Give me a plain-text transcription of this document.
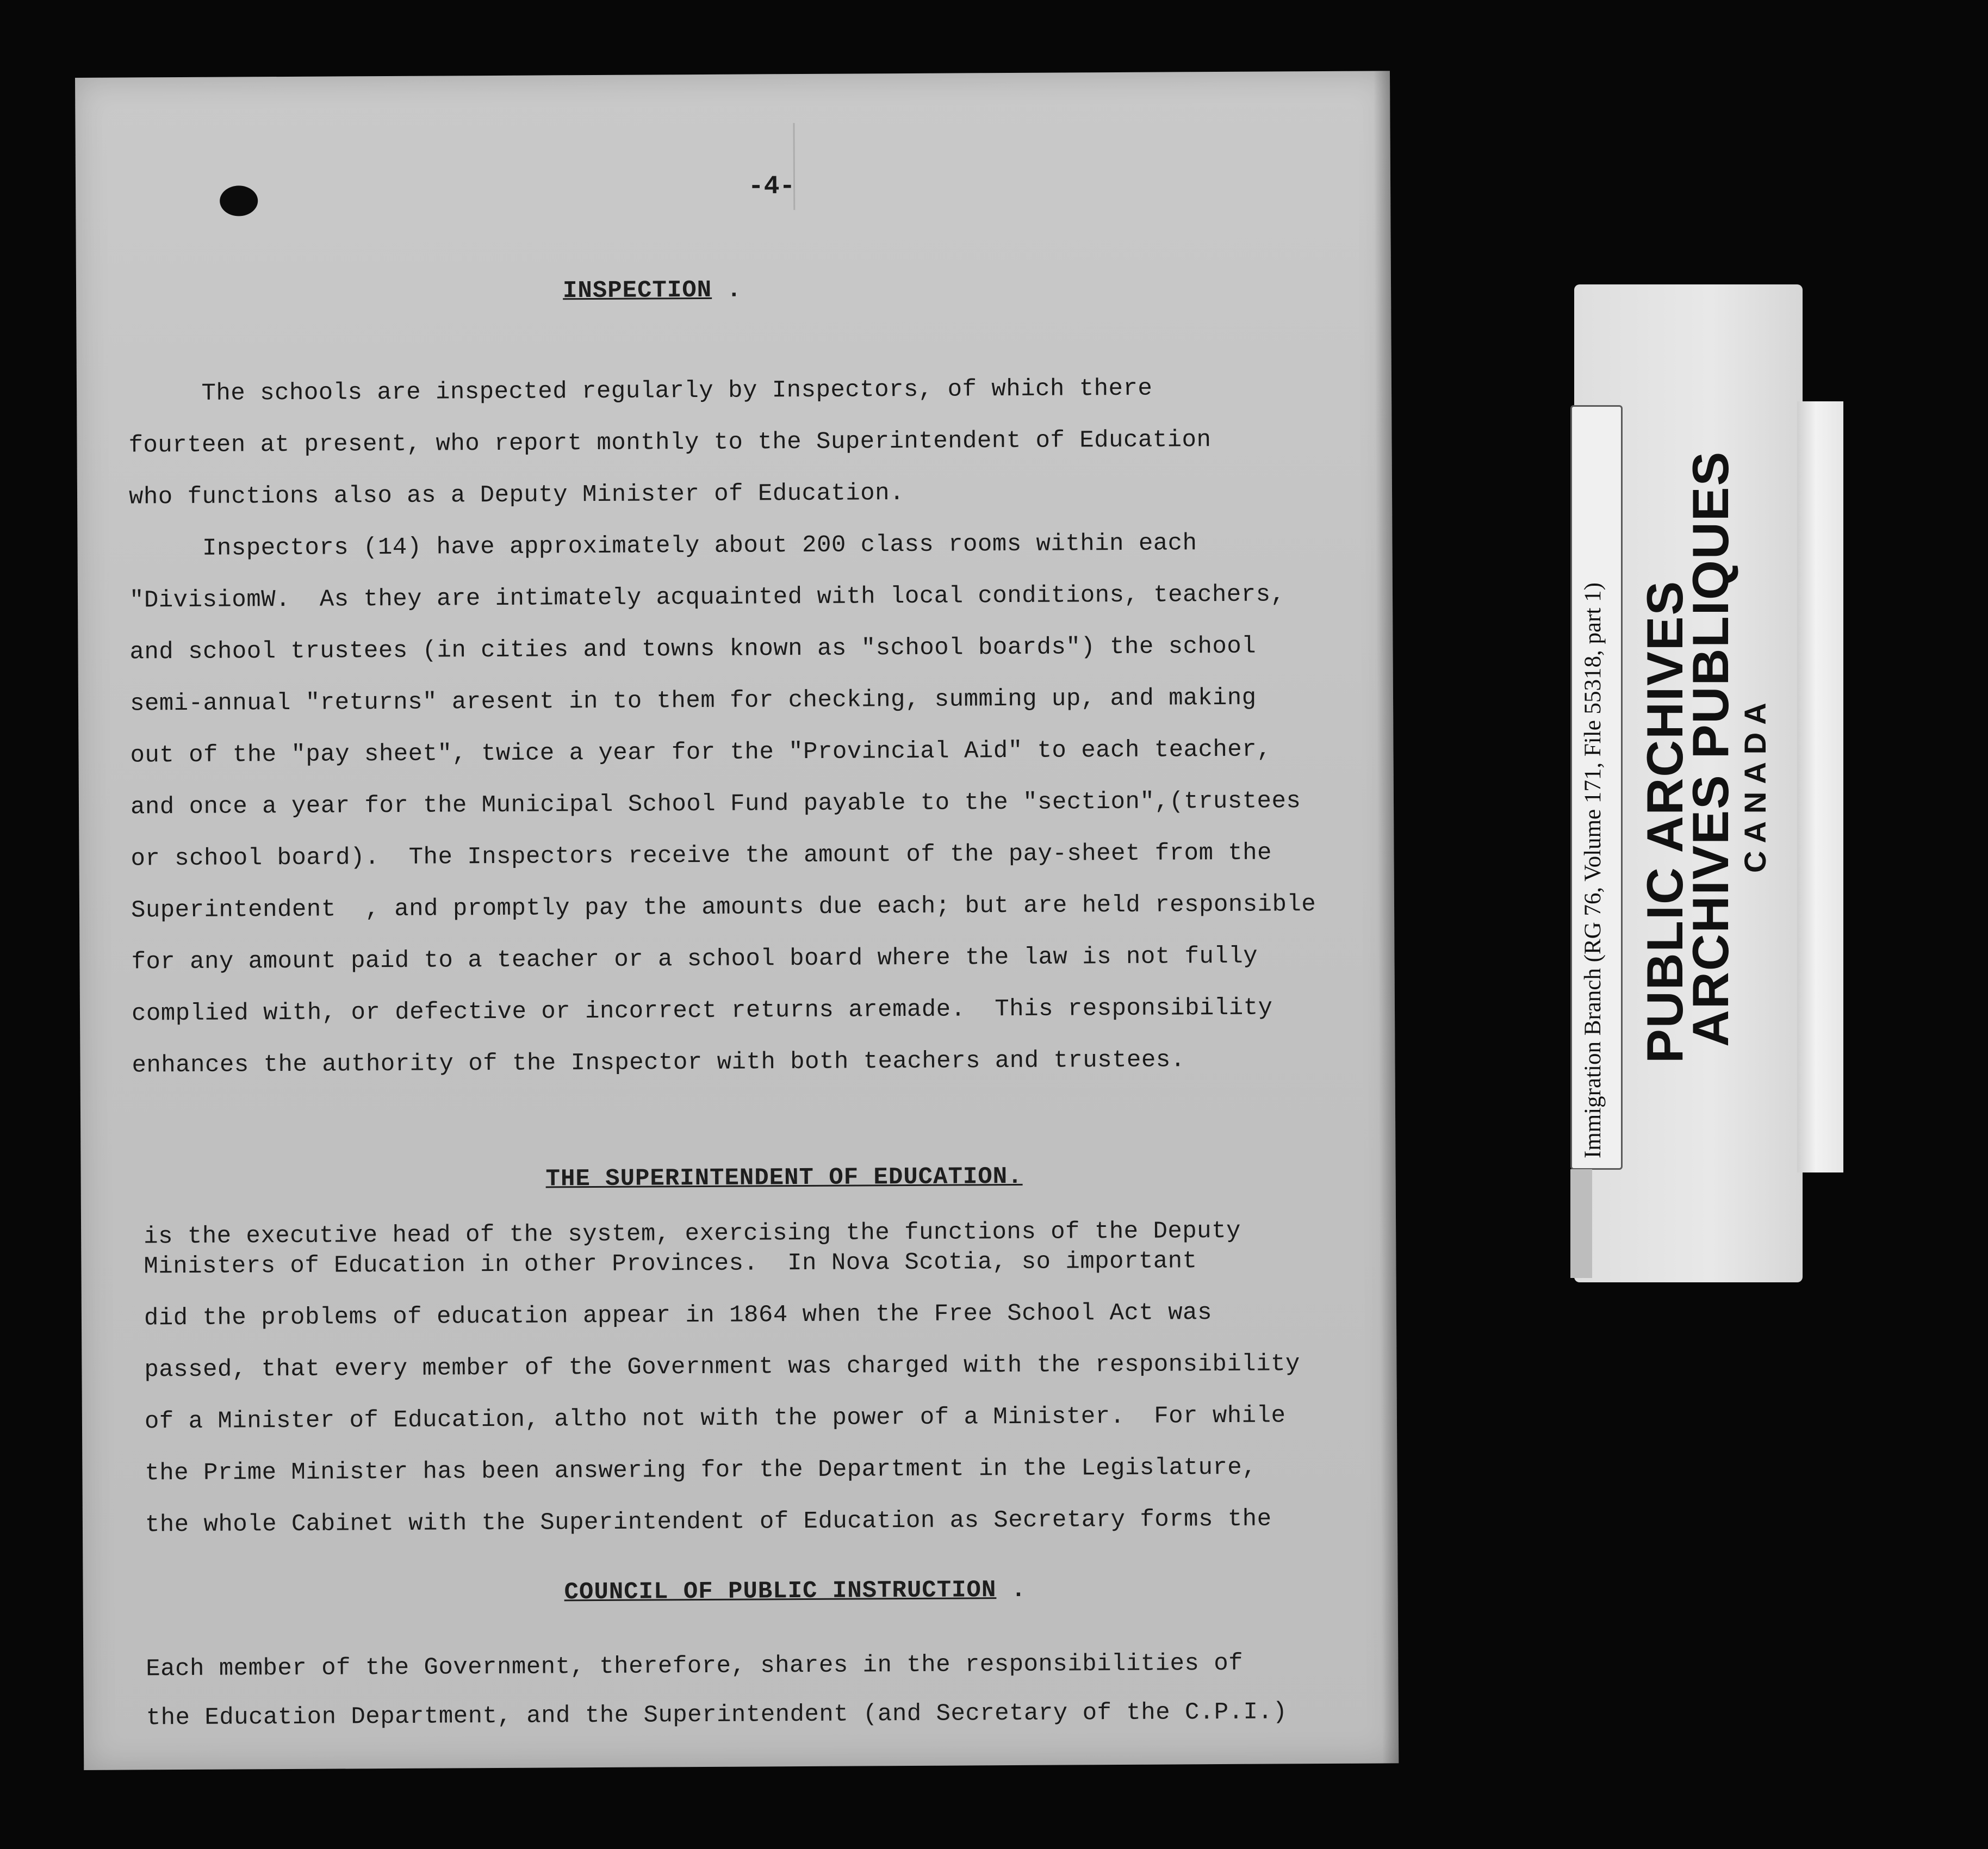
-4-
INSPECTION .
The schools are inspected regularly by Inspectors, of which there
fourteen at present, who report monthly to the Superintendent of Education
who functions also as a Deputy Minister of Education.
Inspectors (14) have approximately about 200 class rooms within each
"DivisiomW.  As they are intimately acquainted with local conditions, teachers,
and school trustees (in cities and towns known as "school boards") the school
semi-annual "returns" aresent in to them for checking, summing up, and making
out of the "pay sheet", twice a year for the "Provincial Aid" to each teacher,
and once a year for the Municipal School Fund payable to the "section",(trustees
or school board).  The Inspectors receive the amount of the pay-sheet from the
Superintendent  , and promptly pay the amounts due each; but are held responsible
for any amount paid to a teacher or a school board where the law is not fully
complied with, or defective or incorrect returns aremade.  This responsibility
enhances the authority of the Inspector with both teachers and trustees.
THE SUPERINTENDENT OF EDUCATION.
is the executive head of the system, exercising the functions of the Deputy
Ministers of Education in other Provinces.  In Nova Scotia, so important
did the problems of education appear in 1864 when the Free School Act was
passed, that every member of the Government was charged with the responsibility
of a Minister of Education, altho not with the power of a Minister.  For while
the Prime Minister has been answering for the Department in the Legislature,
the whole Cabinet with the Superintendent of Education as Secretary forms the
COUNCIL OF PUBLIC INSTRUCTION .
Each member of the Government, therefore, shares in the responsibilities of
the Education Department, and the Superintendent (and Secretary of the C.P.I.)
Immigration Branch (RG 76, Volume 171, File 55318, part 1) PUBLIC ARCHIVES
ARCHIVES PUBLIQUES
CANADA
